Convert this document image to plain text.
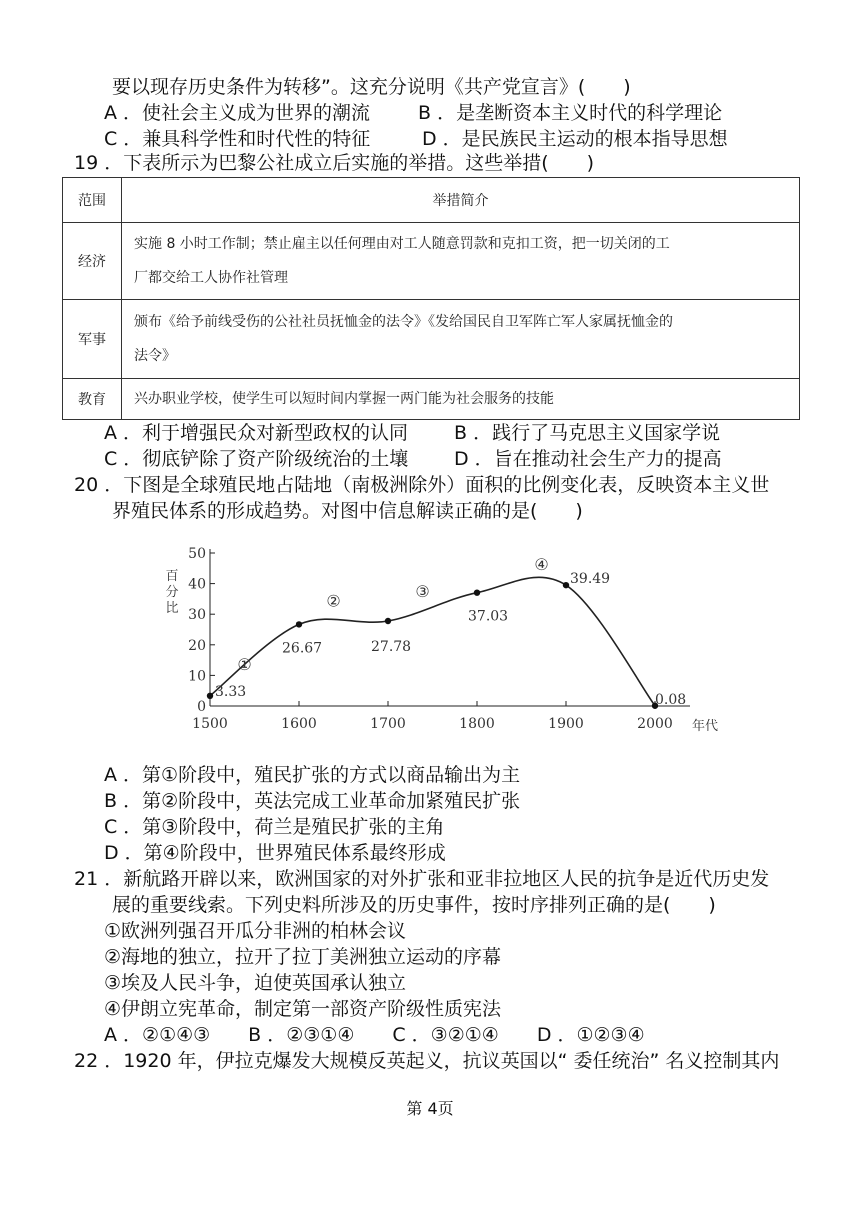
要以现存历史条件为转移”。这充分说明《共产党宣言》(　　)
A ．使社会主义成为世界的潮流	B ．是垄断资本主义时代的科学理论
C ．兼具科学性和时代性的特征	D ．是民族民主运动的根本指导思想
19 ．下表所示为巴黎公社成立后实施的举措。这些举措(　　)
范围	举措简介
经济	实施 8 小时工作制；禁止雇主以任何理由对工人随意罚款和克扣工资，把一切关闭的工
厂都交给工人协作社管理

军事	颁布《给予前线受伤的公社社员抚恤金的法令》《发给国民自卫军阵亡军人家属抚恤金的
法令》

教育	兴办职业学校，使学生可以短时间内掌握一两门能为社会服务的技能
A ．利于增强民众对新型政权的认同 B ．践行了马克思主义国家学说
C ．彻底铲除了资产阶级统治的土壤 D ．旨在推动社会生产力的提高
20 ．下图是全球殖民地占陆地（南极洲除外）面积的比例变化表，反映资本主义世
界殖民体系的形成趋势。对图中信息解读正确的是(　　)
0
10
20
30
40
50
1500	1600	1700	1800	1900	2000
百
分
比
年代
3.33
26.67	27.78
37.03
39.49
0.08
①
②
③
④
A ．第①阶段中，殖民扩张的方式以商品输出为主
B ．第②阶段中，英法完成工业革命加紧殖民扩张
C ．第③阶段中，荷兰是殖民扩张的主角
D ．第④阶段中，世界殖民体系最终形成
21 ．新航路开辟以来，欧洲国家的对外扩张和亚非拉地区人民的抗争是近代历史发
展的重要线索。下列史料所涉及的历史事件，按时序排列正确的是(　　)
①欧洲列强召开瓜分非洲的柏林会议
②海地的独立，拉开了拉丁美洲独立运动的序幕
③埃及人民斗争，迫使英国承认独立
④伊朗立宪革命，制定第一部资产阶级性质宪法
A ．②①④③　　B ．②③①④　　C ．③②①④　　D ．①②③④
22 ．1920 年，伊拉克爆发大规模反英起义，抗议英国以“ 委任统治” 名义控制其内
第 4页
